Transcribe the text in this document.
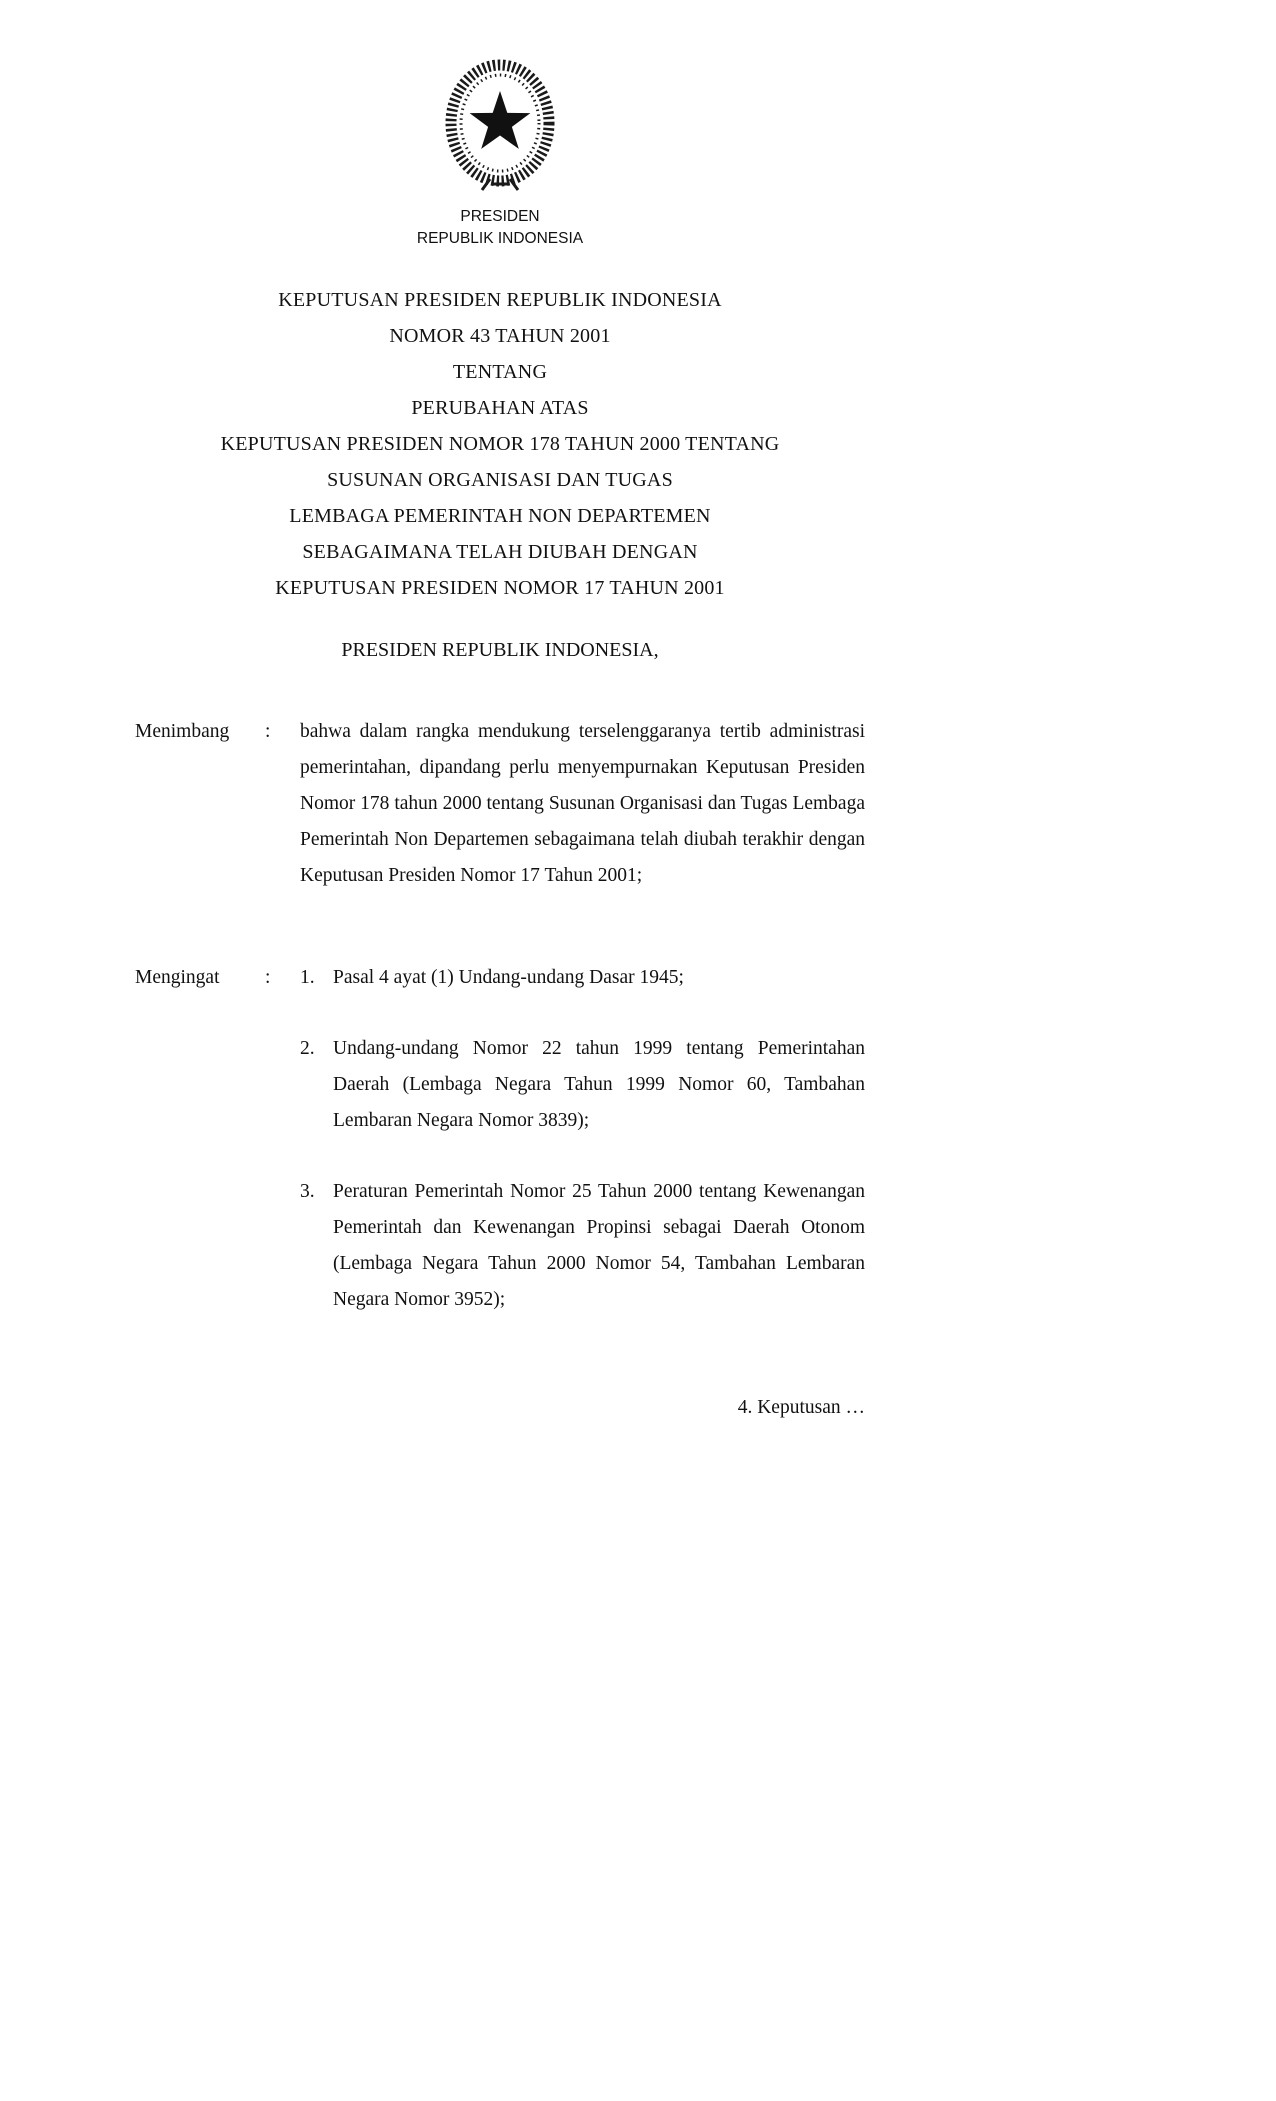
PRESIDEN
REPUBLIK INDONESIA
KEPUTUSAN PRESIDEN REPUBLIK INDONESIA
NOMOR 43 TAHUN 2001
TENTANG
PERUBAHAN ATAS
KEPUTUSAN PRESIDEN NOMOR 178 TAHUN 2000 TENTANG
SUSUNAN ORGANISASI DAN TUGAS
LEMBAGA PEMERINTAH NON DEPARTEMEN
SEBAGAIMANA TELAH DIUBAH DENGAN
KEPUTUSAN PRESIDEN NOMOR 17 TAHUN 2001
PRESIDEN REPUBLIK INDONESIA,
Menimbang	:	bahwa dalam rangka mendukung terselenggaranya tertib administrasi pemerintahan, dipandang perlu menyempurnakan Keputusan Presiden Nomor 178 tahun 2000 tentang Susunan Organisasi dan Tugas Lembaga Pemerintah Non Departemen sebagaimana telah diubah terakhir dengan Keputusan Presiden Nomor 17 Tahun 2001;
Mengingat	:	1. Pasal 4 ayat (1) Undang-undang Dasar 1945;
2. Undang-undang Nomor 22 tahun 1999 tentang Pemerintahan Daerah (Lembaga Negara Tahun 1999 Nomor 60, Tambahan Lembaran Negara Nomor 3839);
3. Peraturan Pemerintah Nomor 25 Tahun 2000 tentang Kewenangan Pemerintah dan Kewenangan Propinsi sebagai Daerah Otonom (Lembaga Negara Tahun 2000 Nomor 54, Tambahan Lembaran Negara Nomor 3952);
4. Keputusan …
